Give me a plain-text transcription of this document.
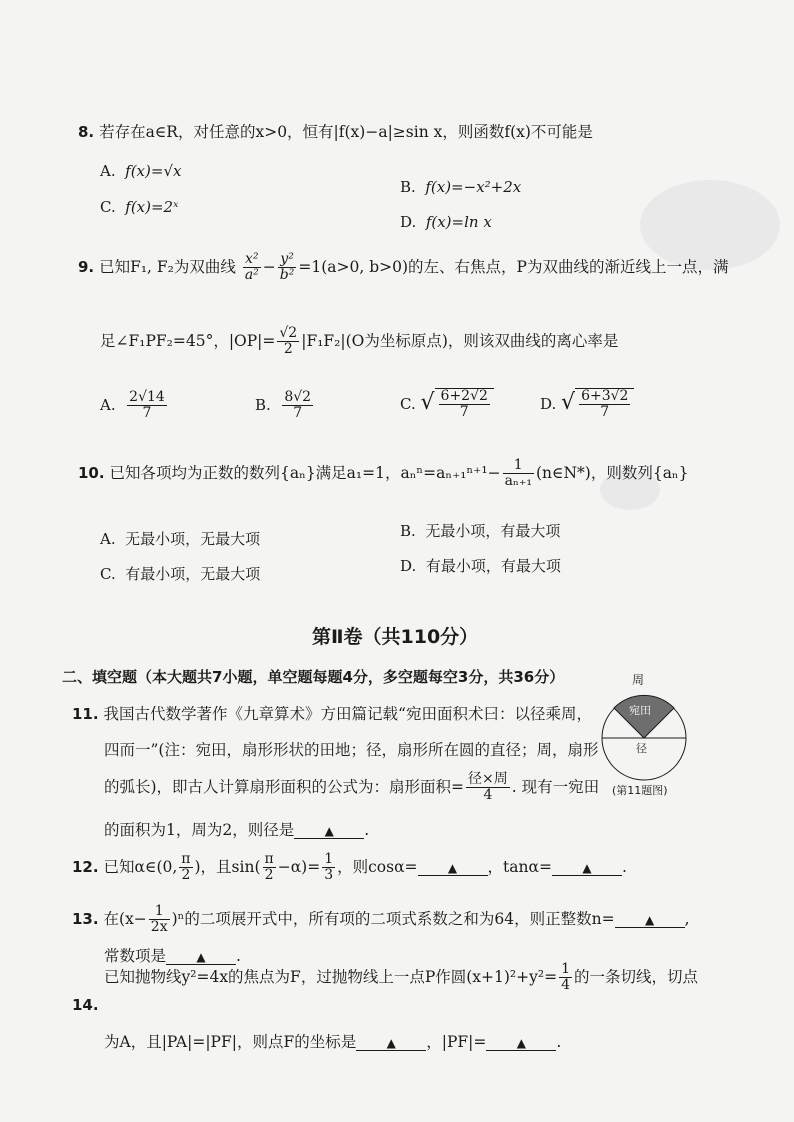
8. 若存在a∈R，对任意的x>0，恒有|f(x)−a|≥sin x，则函数f(x)不可能是
A. f(x)=√x
B. f(x)=−x²+2x
C. f(x)=2ˣ
D. f(x)=ln x
9. 已知F₁, F₂为双曲线 $\frac{\text{x²}}{\text{a²}} - \frac{\text{y²}}{\text{b²}} =1(a>0$, b>0)的左、右焦点，P为双曲线的渐近线上一点，满
足∠F₁PF₂=45°，$|OP|= \frac{√2}{2} |F_1F_2|(O$为坐标原点)，则该双曲线的离心率是
A. $\frac{2√14}{7}$	B. $\frac{8√2}{7}$	C. √ $\frac{6+2√2}{7}$	D. √ $\frac{6+3√2}{7}$
10. 已知各项均为正数的数列{aₙ}满足a₁=1，$a_n^n=a_{n+1}^{n+1}- \frac{1}{\text{aₙ₊₁}}$ (n∈N*)，则数列{aₙ}
A. 无最小项，无最大项	B. 无最小项，有最大项
C. 有最小项，无最大项	D. 有最小项，有最大项
第Ⅱ卷（共110分）
二、填空题（本大题共7小题，单空题每题4分，多空题每空3分，共36分）
11. 我国古代数学著作《九章算术》方田篇记载“宛田面积术曰：以径乘周，
四而一”(注：宛田，扇形形状的田地；径，扇形所在圆的直径；周，扇形
的弧长)，即古人计算扇形面积的公式为：扇形面积= $\frac{\text{径×周}}{4}$ . 现有一宛田
的面积为1，周为2，则径是	▲ .
周
宛田
径
(第11题图)
12. 已知α∈(0, $\frac{\pi}{2}$ )，且$\sin( \frac{\pi}{2} -\alpha)= \frac{1}{3}$ ，则cosα=	▲ ，tanα=	▲ .
13. 在$(x- \frac{1}{2x} )^n$的二项展开式中，所有项的二项式系数之和为64，则正整数n=	▲ ,
常数项是	▲ .
已知抛物线y²=4x的焦点为F，过抛物线上一点P作圆$(x+1)^2+y^2= \frac{1}{4}$ 的一条切线，切点
14.
为A，且|PA|=|PF|，则点F的坐标是	▲ ，|PF|=	▲ .
